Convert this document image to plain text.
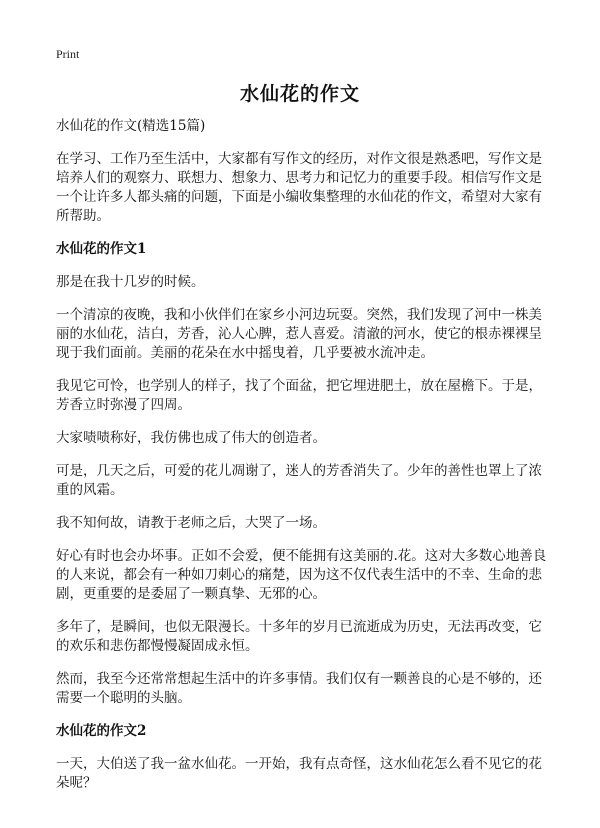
Print
水仙花的作文
水仙花的作文(精选15篇)

在学习、工作乃至生活中，大家都有写作文的经历，对作文很是熟悉吧，写作文是培养人们的观察力、联想力、想象力、思考力和记忆力的重要手段。相信写作文是一个让许多人都头痛的问题，下面是小编收集整理的水仙花的作文，希望对大家有所帮助。

水仙花的作文1

那是在我十几岁的时候。

一个清凉的夜晚，我和小伙伴们在家乡小河边玩耍。突然，我们发现了河中一株美丽的水仙花，洁白，芳香，沁人心脾，惹人喜爱。清澈的河水，使它的根赤裸裸呈现于我们面前。美丽的花朵在水中摇曳着，几乎要被水流冲走。

我见它可怜，也学别人的样子，找了个面盆，把它埋进肥土，放在屋檐下。于是，芳香立时弥漫了四周。

大家啧啧称好，我仿佛也成了伟大的创造者。

可是，几天之后，可爱的花儿凋谢了，迷人的芳香消失了。少年的善性也罩上了浓重的风霜。

我不知何故，请教于老师之后，大哭了一场。

好心有时也会办坏事。正如不会爱，便不能拥有这美丽的.花。这对大多数心地善良的人来说，都会有一种如刀刺心的痛楚，因为这不仅代表生活中的不幸、生命的悲剧，更重要的是委屈了一颗真挚、无邪的心。

多年了，是瞬间，也似无限漫长。十多年的岁月已流逝成为历史，无法再改变，它的欢乐和悲伤都慢慢凝固成永恒。

然而，我至今还常常想起生活中的许多事情。我们仅有一颗善良的心是不够的，还需要一个聪明的头脑。

水仙花的作文2

一天，大伯送了我一盆水仙花。一开始，我有点奇怪，这水仙花怎么看不见它的花朵呢？
